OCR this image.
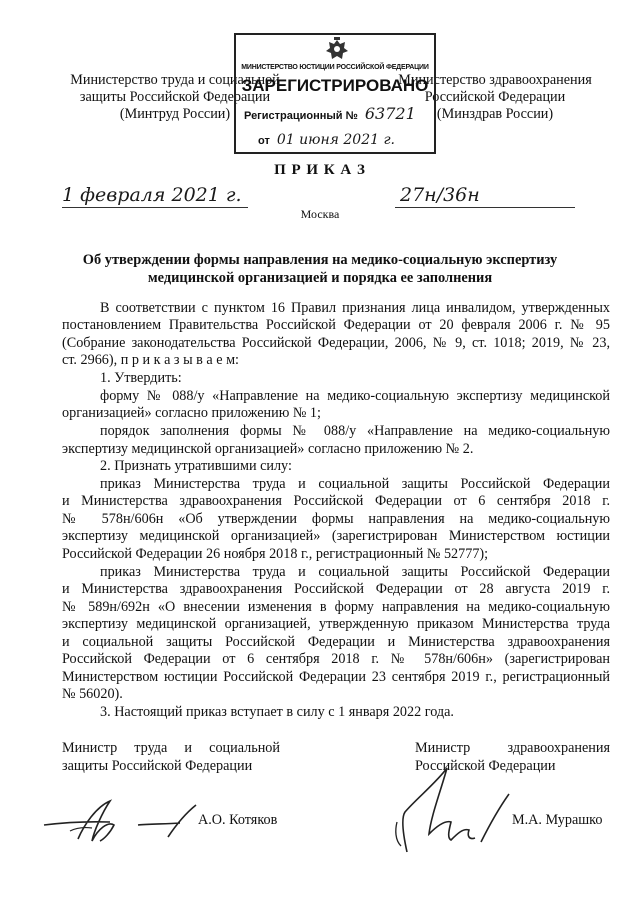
Министерство труда и социальной
защиты Российской Федерации
(Минтруд России)
Министерство здравоохранения
Российской Федерации
(Минздрав России)
МИНИСТЕРСТВО ЮСТИЦИИ РОССИЙСКОЙ ФЕДЕРАЦИИ
ЗАРЕГИСТРИРОВАНО
Регистрационный № 63721
от 01 июня 2021 г.
П Р И К А З
1 февраля 2021 г.	27н/36н
Москва
Об утверждении формы направления на медико-социальную экспертизу
медицинской организацией и порядка ее заполнения
В соответствии с пунктом 16 Правил признания лица инвалидом, утвержденных
постановлением Правительства Российской Федерации от 20 февраля 2006 г. № 95
(Собрание законодательства Российской Федерации, 2006, № 9, ст. 1018; 2019, № 23,
ст. 2966), п р и к а з ы в а е м:
1. Утвердить:
форму № 088/у «Направление на медико-социальную экспертизу медицинской
организацией» согласно приложению № 1;
порядок заполнения формы № 088/у «Направление на медико-социальную
экспертизу медицинской организацией» согласно приложению № 2.
2. Признать утратившими силу:
приказ Министерства труда и социальной защиты Российской Федерации
и Министерства здравоохранения Российской Федерации от 6 сентября 2018 г.
№ 578н/606н «Об утверждении формы направления на медико-социальную
экспертизу медицинской организацией» (зарегистрирован Министерством юстиции
Российской Федерации 26 ноября 2018 г., регистрационный № 52777);
приказ Министерства труда и социальной защиты Российской Федерации
и Министерства здравоохранения Российской Федерации от 28 августа 2019 г.
№ 589н/692н «О внесении изменения в форму направления на медико-социальную
экспертизу медицинской организацией, утвержденную приказом Министерства труда
и социальной защиты Российской Федерации и Министерства здравоохранения
Российской Федерации от 6 сентября 2018 г. № 578н/606н» (зарегистрирован
Министерством юстиции Российской Федерации 23 сентября 2019 г., регистрационный
№ 56020).
3. Настоящий приказ вступает в силу с 1 января 2022 года.
Министр труда и социальной
защиты Российской Федерации
А.О. Котяков
Министр здравоохранения
Российской Федерации
М.А. Мурашко
